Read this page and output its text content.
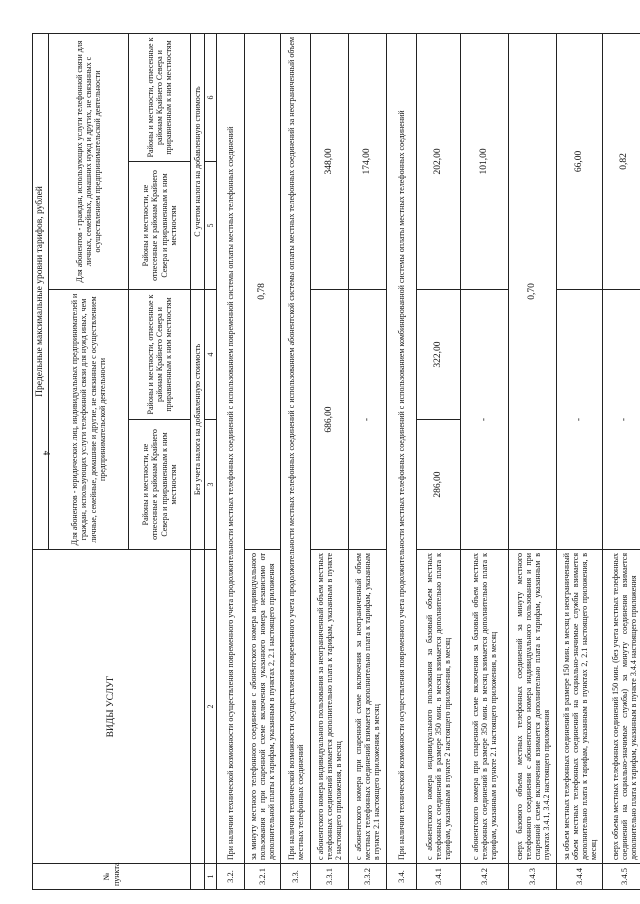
4
№ пункта	ВИДЫ УСЛУГ	Предельные максимальные уровни тарифов, рублей			
		Для абонентов - юридических лиц, индивидуальных предпринимателей и граждан, использующих услуги телефонной связи для нужд иных, чем личные, семейные, домашние и другие, не связанные с осуществлением предпринимательской деятельности		Для абонентов - граждан, использующих услуги телефонной связи для личных, семейных, домашних нужд и других, не связанных с осуществлением предпринимательской деятельности	
		Районы и местности, не отнесенные к районам Крайнего Севера и приравненным к ним местностям	Районы и местности, отнесенные к районам Крайнего Севера и приравненным к ним местностям	Районы и местности, не отнесенные к районам Крайнего Севера и приравненным к ним местностям	Районы и местности, отнесенные к районам Крайнего Севера и приравненным к ним местностям
		Без учета налога на добавленную стоимость		С учетом налога на добавленную стоимость	
1	2	3	4	5	6
3.2.	При наличии технической возможности осуществления повременного учета продолжительности местных телефонных соединений с использованием повременной системы оплаты местных телефонных соединений				
3.2.1	за минуту местного телефонного соединения с абонентского номера индивидуального пользования и при спаренной схеме включения указанного номера независимо от дополнительной платы к тарифам, указанным в пунктах 2, 2.1 настоящего приложения	0,78			
3.3.	При наличии технической возможности осуществления повременного учета продолжительности местных телефонных соединений с использованием абонентской системы оплаты местных телефонных соединений за неограниченный объем местных телефонных соединений				
3.3.1	с абонентского номера индивидуального пользования за неограниченный объем местных телефонных соединений взимается дополнительно плата к тарифам, указанным в пункте 2 настоящего приложения, в месяц	686,00		348,00	
3.3.2	с абонентского номера при спаренной схеме включения за неограниченный объем местных телефонных соединений взимается дополнительно плата к тарифам, указанным в пункте 2.1 настоящего приложения, в месяц	-		174,00	
3.4.	При наличии технической возможности осуществления повременного учета продолжительности местных телефонных соединений с использованием комбинированной системы оплаты местных телефонных соединений				
3.4.1	с абонентского номера индивидуального пользования за базовый объем местных телефонных соединений в размере 350 мин. в месяц взимается дополнительно плата к тарифам, указанным в пункте 2 настоящего приложения, в месяц	286,00	322,00	202,00	
3.4.2	с абонентского номера при спаренной схеме включения за базовый объем местных телефонных соединений в размере 350 мин. в месяц взимается дополнительно плата к тарифам, указанным в пункте 2.1 настоящего приложения, в месяц	-		101,00	
3.4.3	сверх базового объема местных телефонных соединений за минуту местного телефонного соединения с абонентского номера индивидуального пользования и при спаренной схеме включения взимается дополнительно плата к тарифам, указанным в пунктах 3.4.1, 3.4.2 настоящего приложения	0,70			
3.4.4	за объем местных телефонных соединений в размере 150 мин. в месяц и неограниченный объем местных телефонных соединений на социально-значимые службы взимается дополнительно плата к тарифам, указанным в пунктах 2, 2.1 настоящего приложения, в месяц	-		66,00	
3.4.5	сверх объема местных телефонных соединений 150 мин. (без учета местных телефонных соединений на социально-значимые службы) за минуту соединения взимается дополнительно плата к тарифам, указанным в пункте 3.4.4 настоящего приложения	-		0,82	
